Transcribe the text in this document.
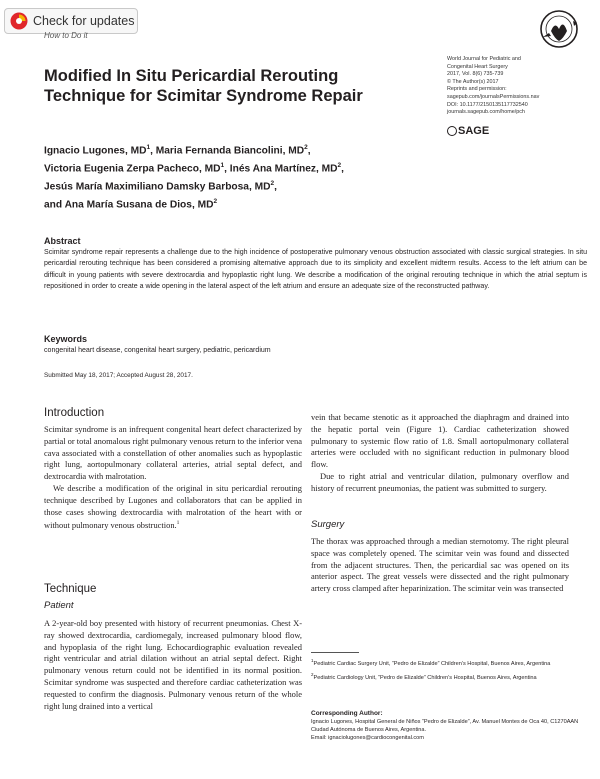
Check for updates
How to Do it
Modified In Situ Pericardial Rerouting Technique for Scimitar Syndrome Repair
World Journal for Pediatric and
Congenital Heart Surgery
2017, Vol. 8(6) 735-739
© The Author(s) 2017
Reprints and permission:
sagepub.com/journalsPermissions.nav
DOI: 10.1177/2150135117732540
journals.sagepub.com/home/pch
SAGE
Ignacio Lugones, $MD^1$, Maria Fernanda Biancolini, $MD^2$,
Victoria Eugenia Zerpa Pacheco, $MD^1$, Inés Ana Martínez, $MD^2$,
Jesús María Maximiliano Damsky Barbosa, $MD^2$,
and Ana María Susana de Dios, $MD^2$
Abstract
Scimitar syndrome repair represents a challenge due to the high incidence of postoperative pulmonary venous obstruction associated with classic surgical strategies. In situ pericardial rerouting technique has been considered a promising alternative approach due to its simplicity and excellent midterm results. Access to the left atrium can be difficult in young patients with severe dextrocardia and hypoplastic right lung. We describe a modification of the original rerouting technique in which the atrial septum is repositioned in order to create a wide opening in the lateral aspect of the left atrium and ensure an adequate size of the reconstructed pathway.
Keywords
congenital heart disease, congenital heart surgery, pediatric, pericardium
Submitted May 18, 2017; Accepted August 28, 2017.
Introduction

Scimitar syndrome is an infrequent congenital heart defect characterized by partial or total anomalous right pulmonary venous return to the inferior vena cava associated with a constellation of other anomalies such as hypoplastic right lung, aortopulmonary collateral arteries, atrial septal defect, and dextrocardia with malrotation.

We describe a modification of the original in situ pericardial rerouting technique described by Lugones and collaborators that can be applied in those cases showing dextrocardia with malrotation of the heart with or without pulmonary venous obstruction.$^1$

Technique
Patient

A 2-year-old boy presented with history of recurrent pneumonias. Chest X-ray showed dextrocardia, cardiomegaly, increased pulmonary blood flow, and hypoplasia of the right lung. Echocardiographic evaluation revealed right ventricular and atrial dilation without an atrial septal defect. Right pulmonary venous return could not be identified in its normal position. Scimitar syndrome was suspected and therefore cardiac catheterization was requested to confirm the diagnosis. Pulmonary venous return of the whole right lung drained into a vertical

vein that became stenotic as it approached the diaphragm and drained into the hepatic portal vein (Figure 1). Cardiac catheterization showed pulmonary to systemic flow ratio of 1.8. Small aortopulmonary collateral arteries were occluded with no significant reduction in pulmonary blood flow.

Due to right atrial and ventricular dilation, pulmonary overflow and history of recurrent pneumonias, the patient was submitted to surgery.

Surgery

The thorax was approached through a median sternotomy. The right pleural space was completely opened. The scimitar vein was found and dissected from the adjacent structures. Then, the pericardial sac was opened on its anterior aspect. The great vessels were dissected and the right pulmonary artery cross clamped after heparinization. The scimitar vein was transected

$^1$Pediatric Cardiac Surgery Unit, “Pedro de Elizalde” Children’s Hospital, Buenos Aires, Argentina
$^2$Pediatric Cardiology Unit, “Pedro de Elizalde” Children’s Hospital, Buenos Aires, Argentina
Corresponding Author:
Ignacio Lugones, Hospital General de Niños “Pedro de Elizalde”, Av. Manuel Montes de Oca 40, C1270AAN Ciudad Autónoma de Buenos Aires, Argentina.
Email: ignaciolugones@cardiocongenital.com
